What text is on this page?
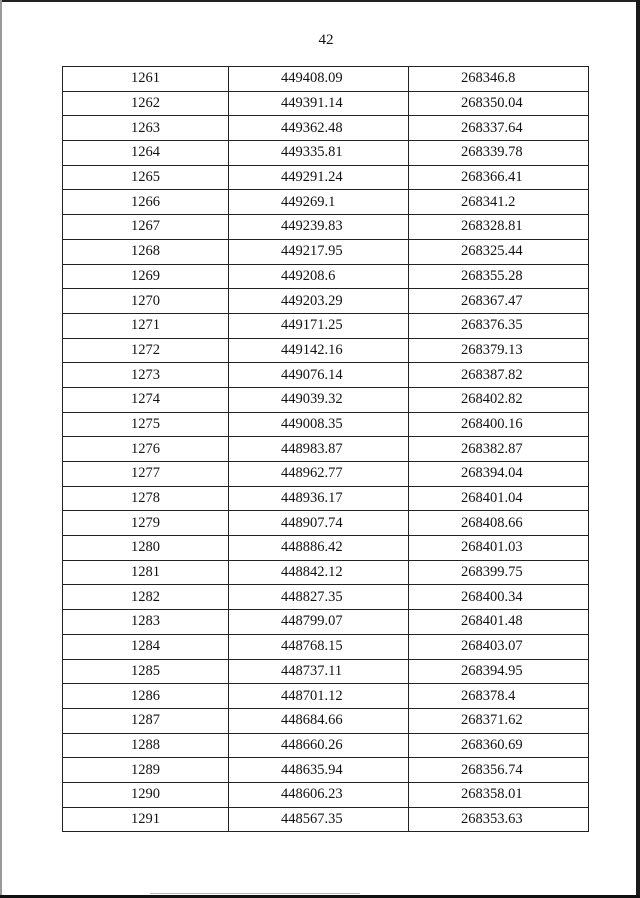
42
1261	449408.09	268346.8
1262	449391.14	268350.04
1263	449362.48	268337.64
1264	449335.81	268339.78
1265	449291.24	268366.41
1266	449269.1	268341.2
1267	449239.83	268328.81
1268	449217.95	268325.44
1269	449208.6	268355.28
1270	449203.29	268367.47
1271	449171.25	268376.35
1272	449142.16	268379.13
1273	449076.14	268387.82
1274	449039.32	268402.82
1275	449008.35	268400.16
1276	448983.87	268382.87
1277	448962.77	268394.04
1278	448936.17	268401.04
1279	448907.74	268408.66
1280	448886.42	268401.03
1281	448842.12	268399.75
1282	448827.35	268400.34
1283	448799.07	268401.48
1284	448768.15	268403.07
1285	448737.11	268394.95
1286	448701.12	268378.4
1287	448684.66	268371.62
1288	448660.26	268360.69
1289	448635.94	268356.74
1290	448606.23	268358.01
1291	448567.35	268353.63
